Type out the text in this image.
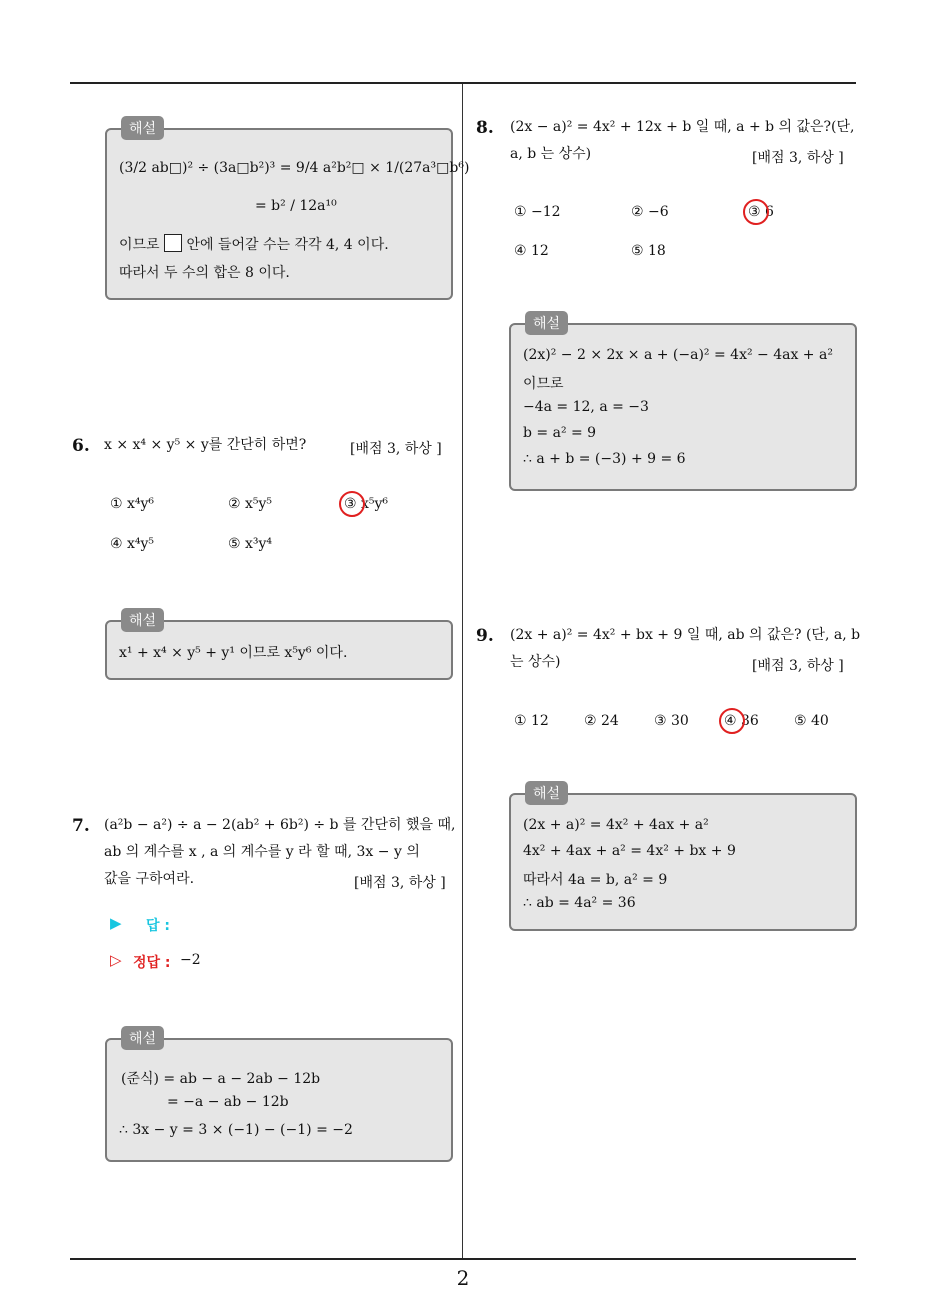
2
해설
(3/2 ab□)² ÷ (3a□b²)³ = 9/4 a²b²□ × 1/(27a³□b⁶)
= b² / 12a¹⁰
이므로 안에 들어갈 수는 각각 4, 4 이다.
따라서 두 수의 합은 8 이다.
6. x × x⁴ × y⁵ × y를 간단히 하면?	[배점 3, 하상 ]
① x⁴y⁶	② x⁵y⁵	③ x⁵y⁶
④ x⁴y⁵	⑤ x³y⁴
해설
x¹ + x⁴ × y⁵ + y¹ 이므로 x⁵y⁶ 이다.
7. (a²b − a²) ÷ a − 2(ab² + 6b²) ÷ b 를 간단히 했을 때,
ab 의 계수를 x , a 의 계수를 y 라 할 때, 3x − y 의
값을 구하여라.	[배점 3, 하상 ]
▶ 답 :
▷ 정답 : −2
해설
(준식) = ab − a − 2ab − 12b
= −a − ab − 12b
∴ 3x − y = 3 × (−1) − (−1) = −2
8. (2x − a)² = 4x² + 12x + b 일 때, a + b 의 값은?(단,
a, b 는 상수)	[배점 3, 하상 ]
① −12	② −6	③ 6
④ 12	⑤ 18
해설
(2x)² − 2 × 2x × a + (−a)² = 4x² − 4ax + a²
이므로
−4a = 12, a = −3
b = a² = 9
∴ a + b = (−3) + 9 = 6
9. (2x + a)² = 4x² + bx + 9 일 때, ab 의 값은? (단, a, b
는 상수)	[배점 3, 하상 ]
① 12	② 24	③ 30	④ 36	⑤ 40
해설
(2x + a)² = 4x² + 4ax + a²
4x² + 4ax + a² = 4x² + bx + 9
따라서 4a = b, a² = 9
∴ ab = 4a² = 36
